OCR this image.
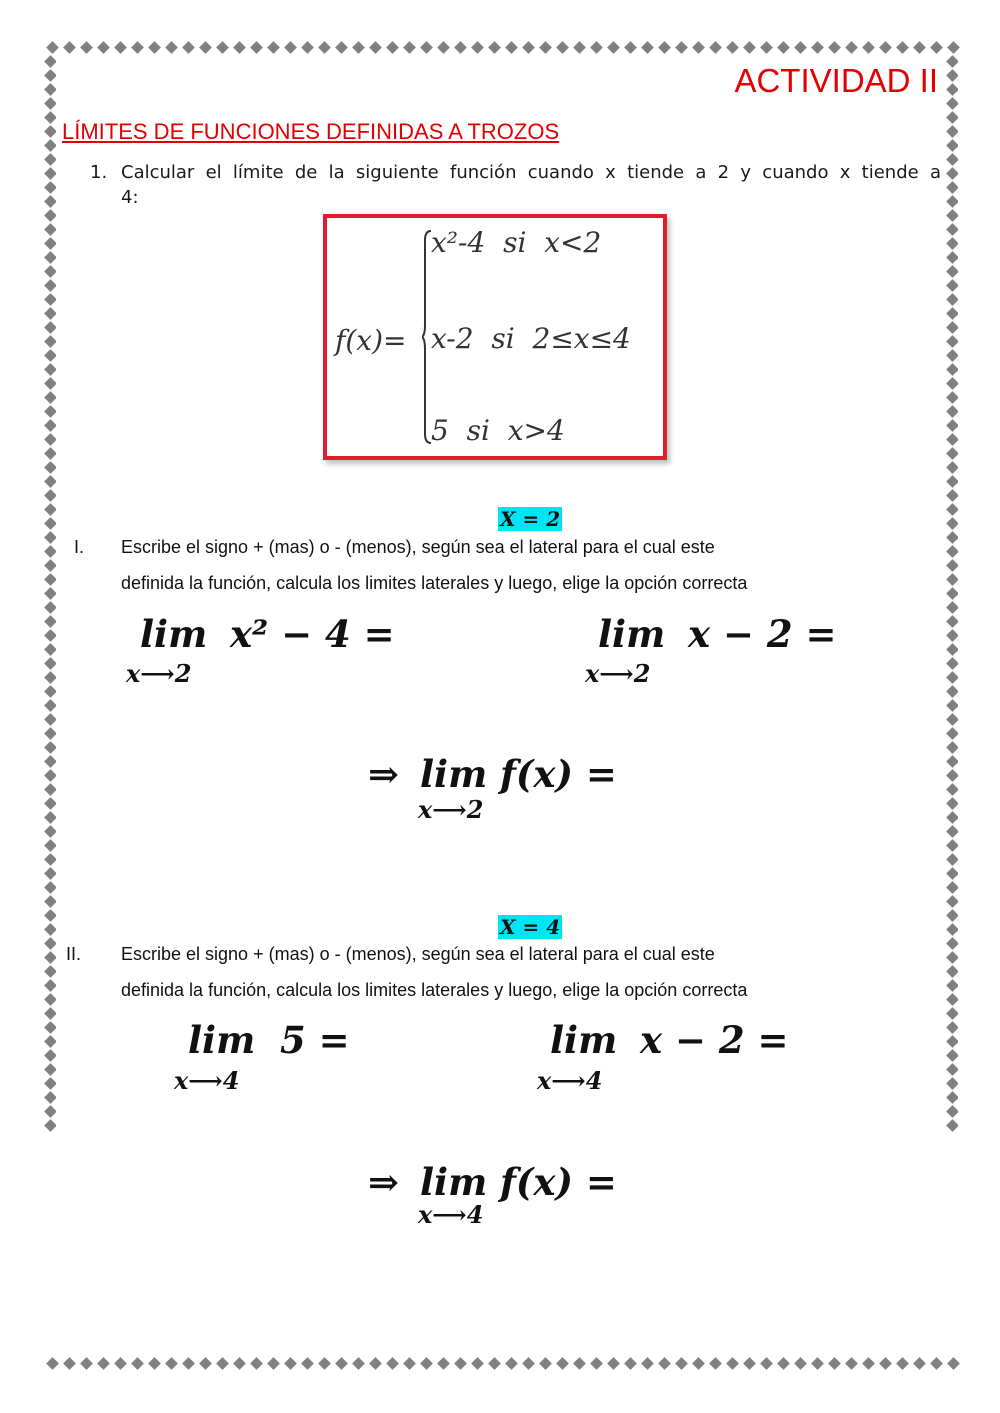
ACTIVIDAD II
LÍMITES DE FUNCIONES DEFINIDAS A TROZOS
1. Calcular el límite de la siguiente función cuando x tiende a 2 y cuando x tiende a
4:
f(x)=
x²-4  si  x<2
x-2  si  2≤x≤4
5  si  x>4
X = 2
I. Escribe el signo + (mas) o - (menos), según sea el lateral para el cual este
definida la función, calcula los limites laterales y luego, elige la opción correcta
lim x² − 4 =
x⟶2
lim x − 2 =
x⟶2
⇒ lim f(x) =
x⟶2
X = 4
II. Escribe el signo + (mas) o - (menos), según sea el lateral para el cual este
definida la función, calcula los limites laterales y luego, elige la opción correcta
lim 5 =
x⟶4
lim x − 2 =
x⟶4
⇒ lim f(x) =
x⟶4
